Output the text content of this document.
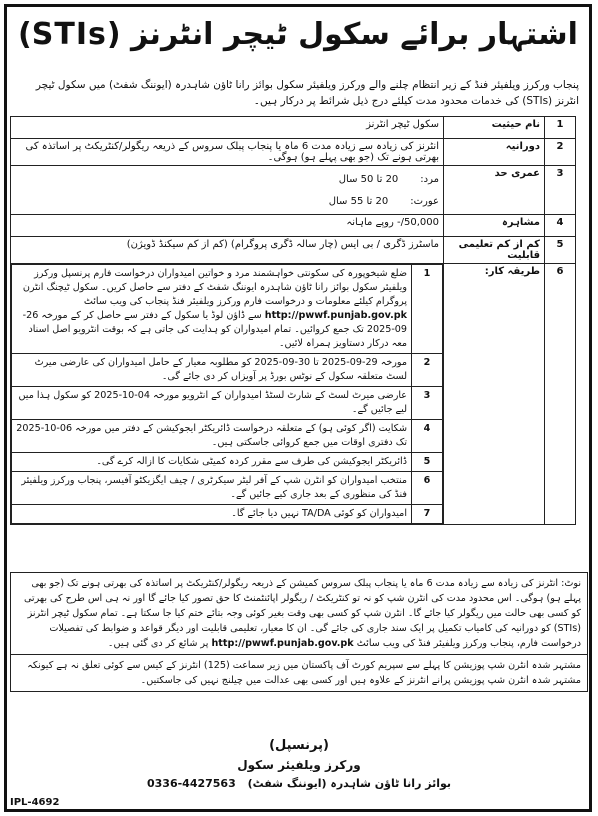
اشتہار برائے سکول ٹیچر انٹرنز (STIs)
پنجاب ورکرز ویلفیئر فنڈ کے زیر انتظام چلنے والے ورکرز ویلفیئر سکول بوائز رانا ٹاؤن شاہدرہ (ایوننگ شفٹ) میں سکول ٹیچر انٹرنز (STIs) کی خدمات محدود مدت کیلئے درج ذیل شرائط پر درکار ہیں۔
1	نام حیثیت	سکول ٹیچر انٹرنز
2	دورانیہ	انٹرنز کی زیادہ سے زیادہ مدت 6 ماہ یا پنجاب پبلک سروس کے ذریعہ ریگولر/کنٹریکٹ پر اساتذہ کی بھرتی ہونے تک (جو بھی پہلے ہو) ہوگی۔
3	عمری حد	
مرد:
20 تا 50 سال
عورت:
20 تا 55 سال

4	مشاہرہ	50,000/- روپے ماہانہ
5	کم از کم تعلیمی قابلیت	ماسٹرز ڈگری / بی ایس (چار سالہ ڈگری پروگرام) (کم از کم سیکنڈ ڈویژن)
6	طریقہ کار:	
1	ضلع شیخوپورہ کی سکونتی خواہشمند مرد و خواتین امیدواران درخواست فارم پرنسپل ورکرز ویلفیئر سکول بوائز رانا ٹاؤن شاہدرہ ایوننگ شفٹ کے دفتر سے حاصل کریں۔ سکول ٹیچنگ انٹرن پروگرام کیلئے معلومات و درخواست فارم ورکرز ویلفیئر فنڈ پنجاب کی ویب سائٹ http://pwwf.punjab.gov.pk سے ڈاؤن لوڈ یا سکول کے دفتر سے حاصل کر کے مورخہ 26-09-2025 تک جمع کروائیں۔ تمام امیدواران کو ہدایت کی جاتی ہے کہ بوقت انٹرویو اصل اسناد معہ درکار دستاویز ہمراہ لائیں۔
2	مورخہ 29-09-2025 تا 30-09-2025 کو مطلوبہ معیار کے حامل امیدواران کی عارضی میرٹ لسٹ متعلقہ سکول کے نوٹس بورڈ پر آویزاں کر دی جائے گی۔
3	عارضی میرٹ لسٹ کے شارٹ لسٹڈ امیدواران کے انٹرویو مورخہ 04-10-2025 کو سکول ہذا میں لیے جائیں گے۔
4	شکایت (اگر کوئی ہو) کے متعلقہ درخواست ڈائریکٹر ایجوکیشن کے دفتر میں مورخہ 06-10-2025 تک دفتری اوقات میں جمع کروائی جاسکتی ہیں۔
5	ڈائریکٹر ایجوکیشن کی طرف سے مقرر کردہ کمیٹی شکایات کا ازالہ کرے گی۔
6	منتخب امیدواران کو انٹرن شپ کے آفر لیٹر سیکرٹری / چیف ایگزیکٹو آفیسر، پنجاب ورکرز ویلفیئر فنڈ کی منظوری کے بعد جاری کیے جائیں گے۔
7	امیدواران کو کوئی TA/DA نہیں دیا جائے گا۔
نوٹ: انٹرنز کی زیادہ سے زیادہ مدت 6 ماہ یا پنجاب پبلک سروس کمیشن کے ذریعہ ریگولر/کنٹریکٹ پر اساتذہ کی بھرتی ہونے تک (جو بھی پہلے ہو) ہوگی۔ اس محدود مدت کی انٹرن شپ کو نہ تو کنٹریکٹ / ریگولر اپائنٹمنٹ کا حق تصور کیا جائے گا اور نہ ہی اس طرح کی بھرتی کو کسی بھی حالت میں ریگولر کیا جائے گا۔ انٹرن شپ کو کسی بھی وقت بغیر کوئی وجہ بتائے ختم کیا جا سکتا ہے۔ تمام سکول ٹیچر انٹرنز (STIs) کو دورانیہ کی کامیاب تکمیل پر ایک سند جاری کی جائے گی۔ ان کا معیار، تعلیمی قابلیت اور دیگر قواعد و ضوابط کی تفصیلات درخواست فارم، پنجاب ورکرز ویلفیئر فنڈ کی ویب سائٹ http://pwwf.punjab.gov.pk پر شائع کر دی گئی ہیں۔
مشتہر شدہ انٹرن شپ پوزیشن کا پہلے سے سپریم کورٹ آف پاکستان میں زیر سماعت (125) انٹرنز کے کیس سے کوئی تعلق نہ ہے کیونکہ مشتہر شدہ انٹرن شپ پوزیشن پرانے انٹرنز کے علاوہ ہیں اور کسی بھی عدالت میں چیلنج نہیں کی جاسکتیں۔
(پرنسپل)
ورکرز ویلفیئر سکول
بوائز رانا ٹاؤن شاہدرہ (ایوننگ شفٹ) 0336-4427563
IPL-4692
